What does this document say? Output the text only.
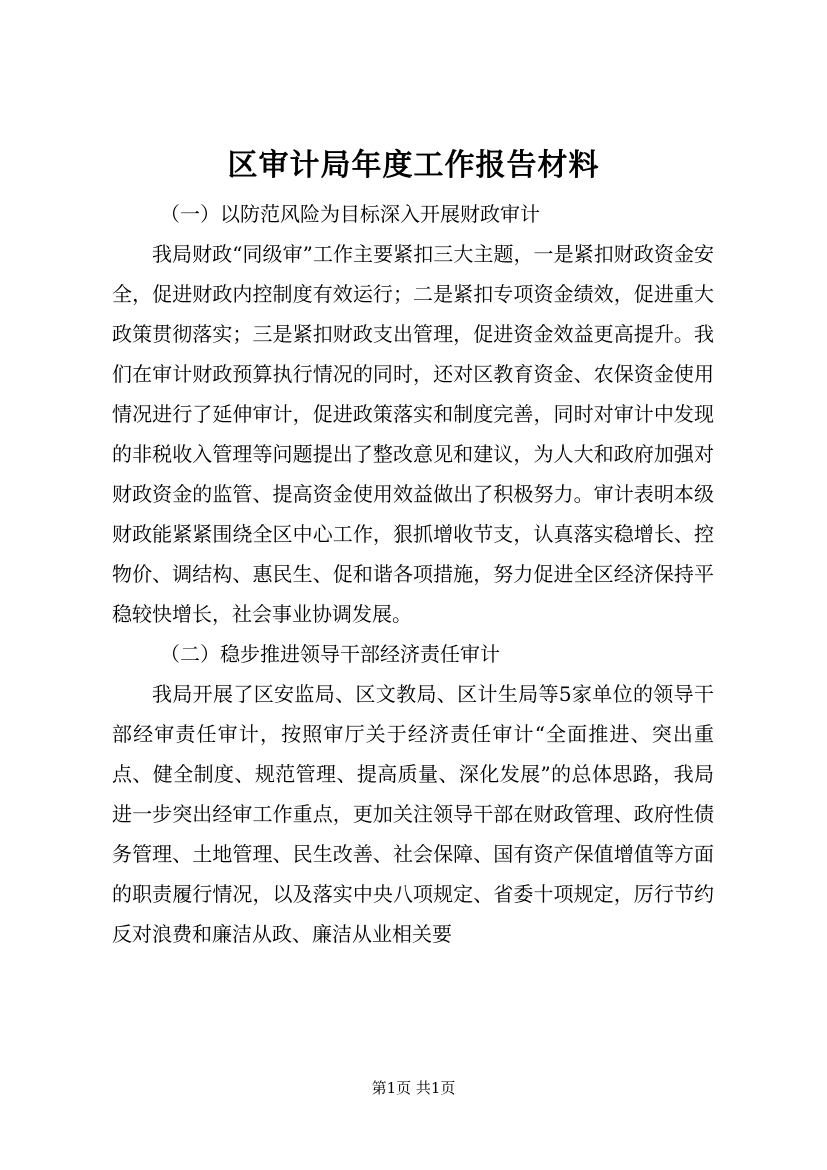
区审计局年度工作报告材料

（一）以防范风险为目标深入开展财政审计

我局财政“同级审”工作主要紧扣三大主题，一是紧扣财政资金安全，促进财政内控制度有效运行；二是紧扣专项资金绩效，促进重大政策贯彻落实；三是紧扣财政支出管理，促进资金效益更高提升。我们在审计财政预算执行情况的同时，还对区教育资金、农保资金使用情况进行了延伸审计，促进政策落实和制度完善，同时对审计中发现的非税收入管理等问题提出了整改意见和建议，为人大和政府加强对财政资金的监管、提高资金使用效益做出了积极努力。审计表明本级财政能紧紧围绕全区中心工作，狠抓增收节支，认真落实稳增长、控物价、调结构、惠民生、促和谐各项措施，努力促进全区经济保持平稳较快增长，社会事业协调发展。

（二）稳步推进领导干部经济责任审计

我局开展了区安监局、区文教局、区计生局等5家单位的领导干部经审责任审计，按照审厅关于经济责任审计“全面推进、突出重点、健全制度、规范管理、提高质量、深化发展”的总体思路，我局进一步突出经审工作重点，更加关注领导干部在财政管理、政府性债务管理、土地管理、民生改善、社会保障、国有资产保值增值等方面的职责履行情况，以及落实中央八项规定、省委十项规定，厉行节约反对浪费和廉洁从政、廉洁从业相关要

第1页 共1页
